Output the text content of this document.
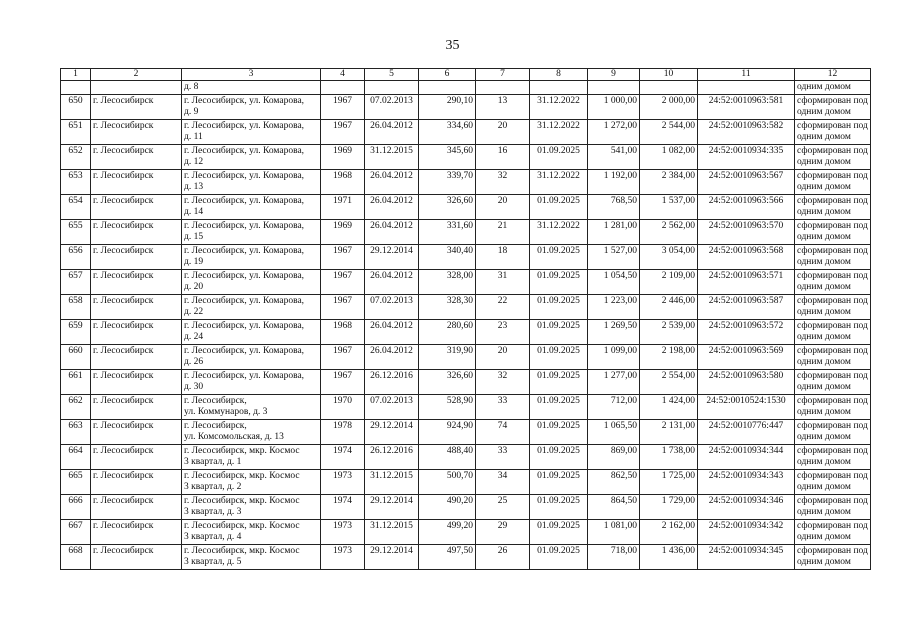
35
1	2	3	4	5	6	7	8	9	10	11	12
		д. 8									одним домом
650	г. Лесосибирск	г. Лесосибирск, ул. Комарова,
д. 9	1967	07.02.2013	290,10	13	31.12.2022	1 000,00	2 000,00	24:52:0010963:581	сформирован под
одним домом

651	г. Лесосибирск	г. Лесосибирск, ул. Комарова,
д. 11	1967	26.04.2012	334,60	20	31.12.2022	1 272,00	2 544,00	24:52:0010963:582	сформирован под
одним домом

652	г. Лесосибирск	г. Лесосибирск, ул. Комарова,
д. 12	1969	31.12.2015	345,60	16	01.09.2025	541,00	1 082,00	24:52:0010934:335	сформирован под
одним домом

653	г. Лесосибирск	г. Лесосибирск, ул. Комарова,
д. 13	1968	26.04.2012	339,70	32	31.12.2022	1 192,00	2 384,00	24:52:0010963:567	сформирован под
одним домом

654	г. Лесосибирск	г. Лесосибирск, ул. Комарова,
д. 14	1971	26.04.2012	326,60	20	01.09.2025	768,50	1 537,00	24:52:0010963:566	сформирован под
одним домом

655	г. Лесосибирск	г. Лесосибирск, ул. Комарова,
д. 15	1969	26.04.2012	331,60	21	31.12.2022	1 281,00	2 562,00	24:52:0010963:570	сформирован под
одним домом

656	г. Лесосибирск	г. Лесосибирск, ул. Комарова,
д. 19	1967	29.12.2014	340,40	18	01.09.2025	1 527,00	3 054,00	24:52:0010963:568	сформирован под
одним домом

657	г. Лесосибирск	г. Лесосибирск, ул. Комарова,
д. 20	1967	26.04.2012	328,00	31	01.09.2025	1 054,50	2 109,00	24:52:0010963:571	сформирован под
одним домом

658	г. Лесосибирск	г. Лесосибирск, ул. Комарова,
д. 22	1967	07.02.2013	328,30	22	01.09.2025	1 223,00	2 446,00	24:52:0010963:587	сформирован под
одним домом

659	г. Лесосибирск	г. Лесосибирск, ул. Комарова,
д. 24	1968	26.04.2012	280,60	23	01.09.2025	1 269,50	2 539,00	24:52:0010963:572	сформирован под
одним домом

660	г. Лесосибирск	г. Лесосибирск, ул. Комарова,
д. 26	1967	26.04.2012	319,90	20	01.09.2025	1 099,00	2 198,00	24:52:0010963:569	сформирован под
одним домом

661	г. Лесосибирск	г. Лесосибирск, ул. Комарова,
д. 30	1967	26.12.2016	326,60	32	01.09.2025	1 277,00	2 554,00	24:52:0010963:580	сформирован под
одним домом

662	г. Лесосибирск	г. Лесосибирск,
ул. Коммунаров, д. 3	1970	07.02.2013	528,90	33	01.09.2025	712,00	1 424,00	24:52:0010524:1530	сформирован под
одним домом

663	г. Лесосибирск	г. Лесосибирск,
ул. Комсомольская, д. 13	1978	29.12.2014	924,90	74	01.09.2025	1 065,50	2 131,00	24:52:0010776:447	сформирован под
одним домом

664	г. Лесосибирск	г. Лесосибирск, мкр. Космос
3 квартал, д. 1	1974	26.12.2016	488,40	33	01.09.2025	869,00	1 738,00	24:52:0010934:344	сформирован под
одним домом

665	г. Лесосибирск	г. Лесосибирск, мкр. Космос
3 квартал, д. 2	1973	31.12.2015	500,70	34	01.09.2025	862,50	1 725,00	24:52:0010934:343	сформирован под
одним домом

666	г. Лесосибирск	г. Лесосибирск, мкр. Космос
3 квартал, д. 3	1974	29.12.2014	490,20	25	01.09.2025	864,50	1 729,00	24:52:0010934:346	сформирован под
одним домом

667	г. Лесосибирск	г. Лесосибирск, мкр. Космос
3 квартал, д. 4	1973	31.12.2015	499,20	29	01.09.2025	1 081,00	2 162,00	24:52:0010934:342	сформирован под
одним домом

668	г. Лесосибирск	г. Лесосибирск, мкр. Космос
3 квартал, д. 5	1973	29.12.2014	497,50	26	01.09.2025	718,00	1 436,00	24:52:0010934:345	сформирован под
одним домом
